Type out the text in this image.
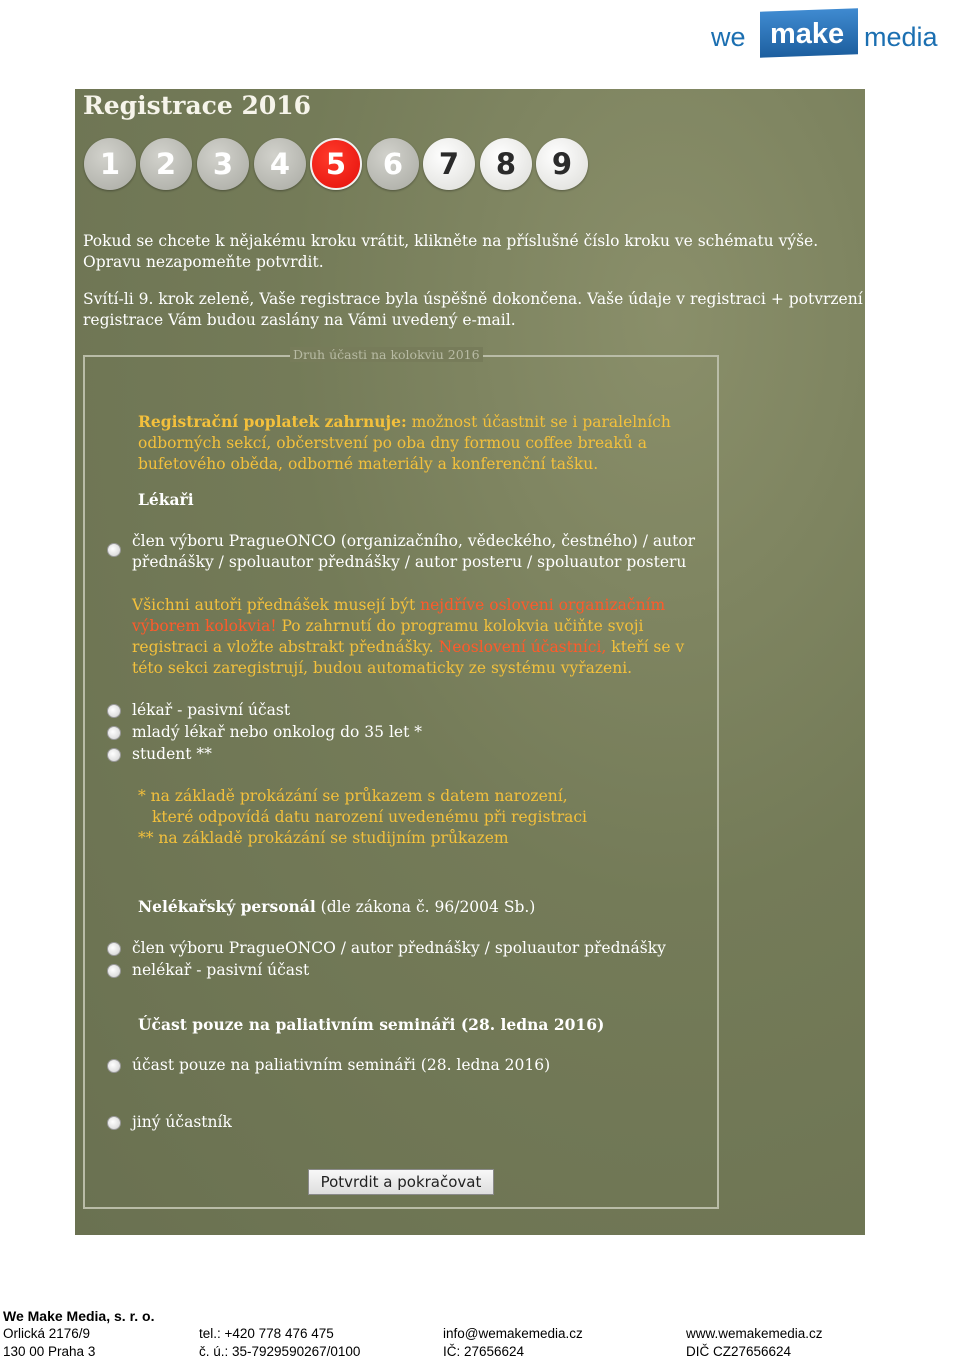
we make media
Registrace 2016
1	2	3	4	5	6	7	8	9
Pokud se chcete k nějakému kroku vrátit, klikněte na příslušné číslo kroku ve schématu výše. Opravu nezapomeňte potvrdit.
Svítí-li 9. krok zeleně, Vaše registrace byla úspěšně dokončena. Vaše údaje v registraci + potvrzení registrace Vám budou zaslány na Vámi uvedený e-mail.
Druh účasti na kolokviu 2016
Registrační poplatek zahrnuje: možnost účastnit se i paralelních odborných sekcí, občerstvení po oba dny formou coffee breaků a bufetového oběda, odborné materiály a konferenční tašku.
Lékaři
člen výboru PragueONCO (organizačního, vědeckého, čestného) / autor přednášky / spoluautor přednášky / autor posteru / spoluautor posteru
Všichni autoři přednášek musejí být nejdříve osloveni organizačním výborem kolokvia! Po zahrnutí do programu kolokvia učiňte svoji registraci a vložte abstrakt přednášky. Neoslovení účastníci, kteří se v této sekci zaregistrují, budou automaticky ze systému vyřazeni.
lékař - pasivní účast
mladý lékař nebo onkolog do 35 let *
student **
* na základě prokázání se průkazem s datem narození,
které odpovídá datu narození uvedenému při registraci
** na základě prokázání se studijním průkazem
Nelékařský personál (dle zákona č. 96/2004 Sb.)
člen výboru PragueONCO / autor přednášky / spoluautor přednášky
nelékař - pasivní účast
Účast pouze na paliativním semináři (28. ledna 2016)
účast pouze na paliativním semináři (28. ledna 2016)
jiný účastník
Potvrdit a pokračovat
We Make Media, s. r. o.
Orlická 2176/9	tel.: +420 778 476 475	info@wemakemedia.cz	www.wemakemedia.cz
130 00 Praha 3	č. ú.: 35-7929590267/0100	IČ: 27656624	DIČ CZ27656624
